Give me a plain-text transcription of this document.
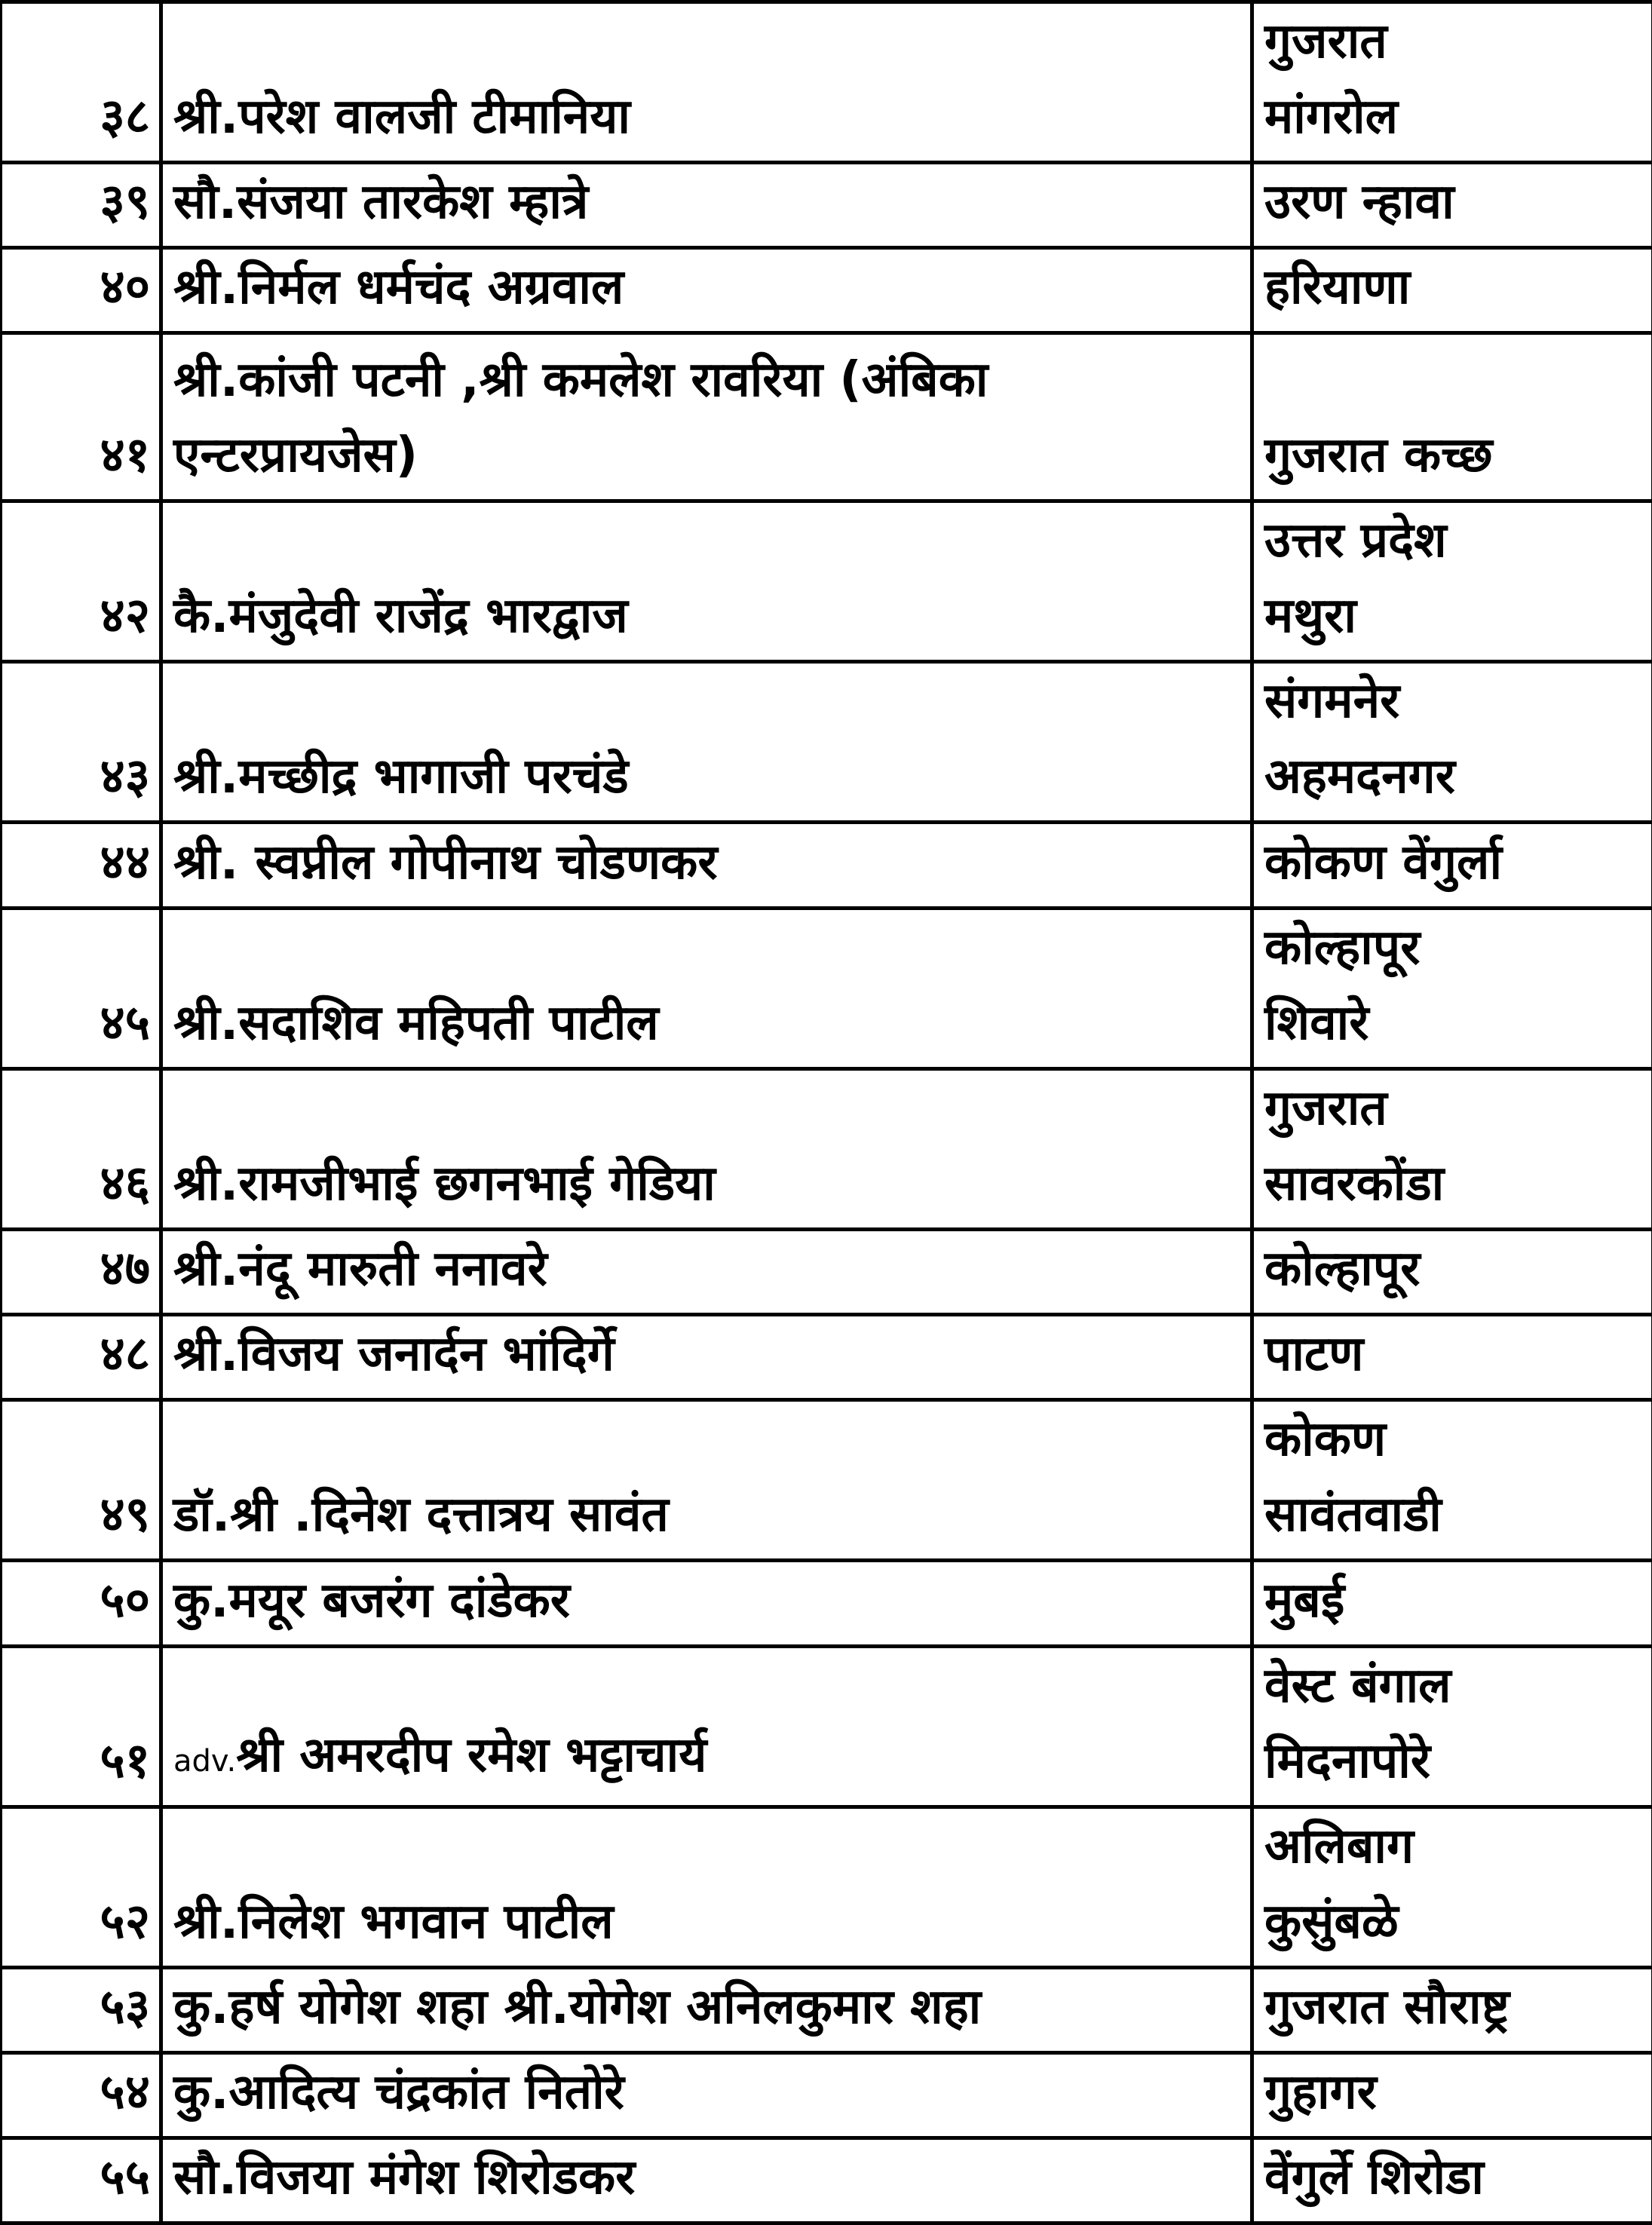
३८	श्री.परेश वालजी टीमानिया	गुजरात
मांगरोल

३९	सौ.संजया तारकेश म्हात्रे	उरण न्हावा

४०	श्री.निर्मल धर्मचंद अग्रवाल	हरियाणा

४१	श्री.कांजी पटनी ,श्री कमलेश रावरिया (अंबिका एन्टरप्रायजेस)	गुजरात कच्छ

४२	कै.मंजुदेवी राजेंद्र भारद्वाज	उत्तर प्रदेश
मथुरा

४३	श्री.मच्छीद्र भागाजी परचंडे	संगमनेर
अहमदनगर

४४	श्री. स्वप्नील गोपीनाथ चोडणकर	कोकण वेंगुर्ला

४५	श्री.सदाशिव महिपती पाटील	कोल्हापूर
शिवारे

४६	श्री.रामजीभाई छगनभाई गेडिया	गुजरात
सावरकोंडा

४७	श्री.नंदू मारुती ननावरे	कोल्हापूर

४८	श्री.विजय जनार्दन भांदिर्गे	पाटण

४९	डॉ.श्री .दिनेश दत्तात्रय सावंत	कोकण
सावंतवाडी

५०	कु.मयूर बजरंग दांडेकर	मुबई

५१	adv.श्री अमरदीप रमेश भट्टाचार्य	वेस्ट बंगाल
मिदनापोरे

५२	श्री.निलेश भगवान पाटील	अलिबाग
कुसुंबळे

५३	कु.हर्ष योगेश शहा श्री.योगेश अनिलकुमार शहा	गुजरात सौराष्ट्र

५४	कु.आदित्य चंद्रकांत नितोरे	गुहागर

५५	सौ.विजया मंगेश शिरोडकर	वेंगुर्ले शिरोडा
